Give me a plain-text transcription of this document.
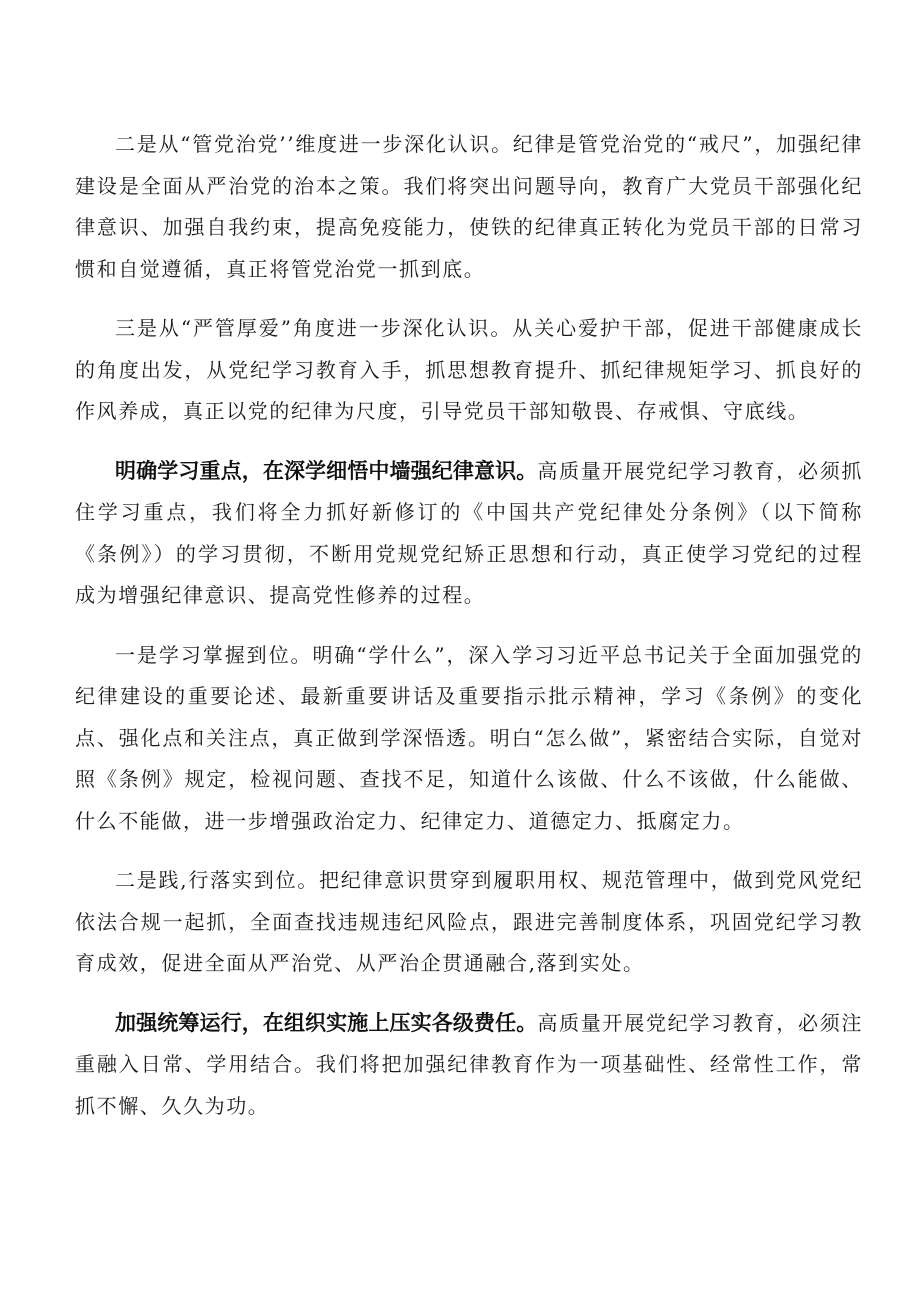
二是从“管党治党’’维度进一步深化认识。纪律是管党治党的“戒尺”，加强纪律建设是全面从严治党的治本之策。我们将突出问题导向，教育广大党员干部强化纪律意识、加强自我约束，提高免疫能力，使铁的纪律真正转化为党员干部的日常习惯和自觉遵循，真正将管党治党一抓到底。

三是从“严管厚爱”角度进一步深化认识。从关心爱护干部，促进干部健康成长的角度出发，从党纪学习教育入手，抓思想教育提升、抓纪律规矩学习、抓良好的作风养成，真正以党的纪律为尺度，引导党员干部知敬畏、存戒惧、守底线。

明确学习重点，在深学细悟中墙强纪律意识。高质量开展党纪学习教育，必须抓住学习重点，我们将全力抓好新修订的《中国共产党纪律处分条例》（以下简称《条例》）的学习贯彻，不断用党规党纪矫正思想和行动，真正使学习党纪的过程成为增强纪律意识、提高党性修养的过程。

一是学习掌握到位。明确“学什么”，深入学习习近平总书记关于全面加强党的纪律建设的重要论述、最新重要讲话及重要指示批示精神，学习《条例》的变化点、强化点和关注点，真正做到学深悟透。明白“怎么做”，紧密结合实际，自觉对照《条例》规定，检视问题、查找不足，知道什么该做、什么不该做，什么能做、什么不能做，进一步增强政治定力、纪律定力、道德定力、抵腐定力。

二是践,行落实到位。把纪律意识贯穿到履职用权、规范管理中，做到党风党纪依法合规一起抓，全面查找违规违纪风险点，跟进完善制度体系，巩固党纪学习教育成效，促进全面从严治党、从严治企贯通融合,落到实处。

加强统筹运行，在组织实施上压实各级费任。高质量开展党纪学习教育，必须注重融入日常、学用结合。我们将把加强纪律教育作为一项基础性、经常性工作，常抓不懈、久久为功。
